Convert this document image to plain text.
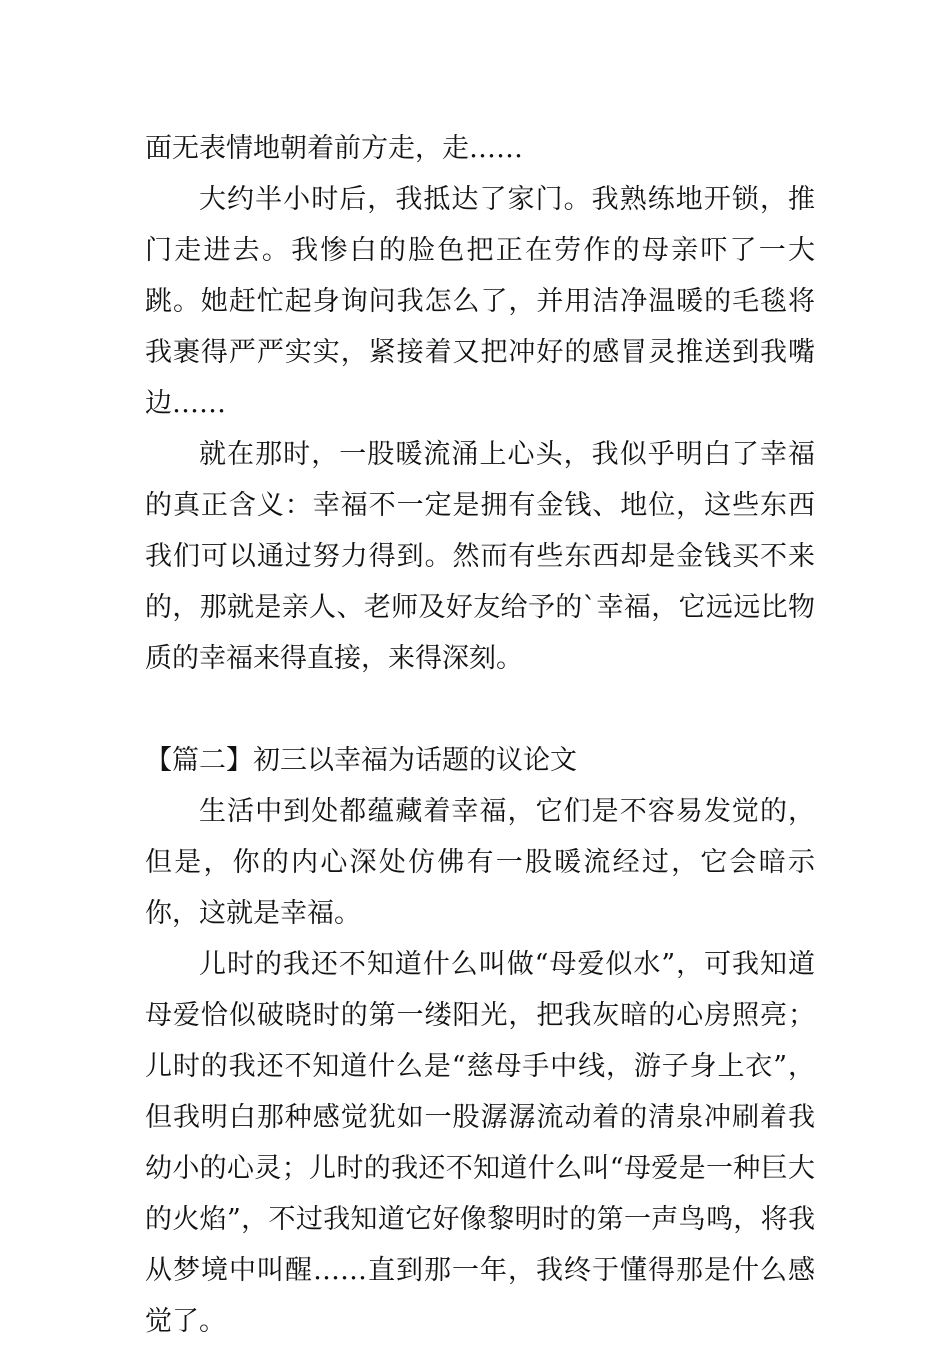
面无表情地朝着前方走，走……

大约半小时后，我抵达了家门。我熟练地开锁，推门走进去。我惨白的脸色把正在劳作的母亲吓了一大跳。她赶忙起身询问我怎么了，并用洁净温暖的毛毯将我裹得严严实实，紧接着又把冲好的感冒灵推送到我嘴边……

就在那时，一股暖流涌上心头，我似乎明白了幸福的真正含义：幸福不一定是拥有金钱、地位，这些东西我们可以通过努力得到。然而有些东西却是金钱买不来的，那就是亲人、老师及好友给予的`幸福，它远远比物质的幸福来得直接，来得深刻。

【篇二】初三以幸福为话题的议论文

生活中到处都蕴藏着幸福，它们是不容易发觉的，但是，你的内心深处仿佛有一股暖流经过，它会暗示你，这就是幸福。

儿时的我还不知道什么叫做“母爱似水”，可我知道母爱恰似破晓时的第一缕阳光，把我灰暗的心房照亮；儿时的我还不知道什么是“慈母手中线，游子身上衣”，但我明白那种感觉犹如一股潺潺流动着的清泉冲刷着我幼小的心灵；儿时的我还不知道什么叫“母爱是一种巨大的火焰”，不过我知道它好像黎明时的第一声鸟鸣，将我从梦境中叫醒……直到那一年，我终于懂得那是什么感觉了。
